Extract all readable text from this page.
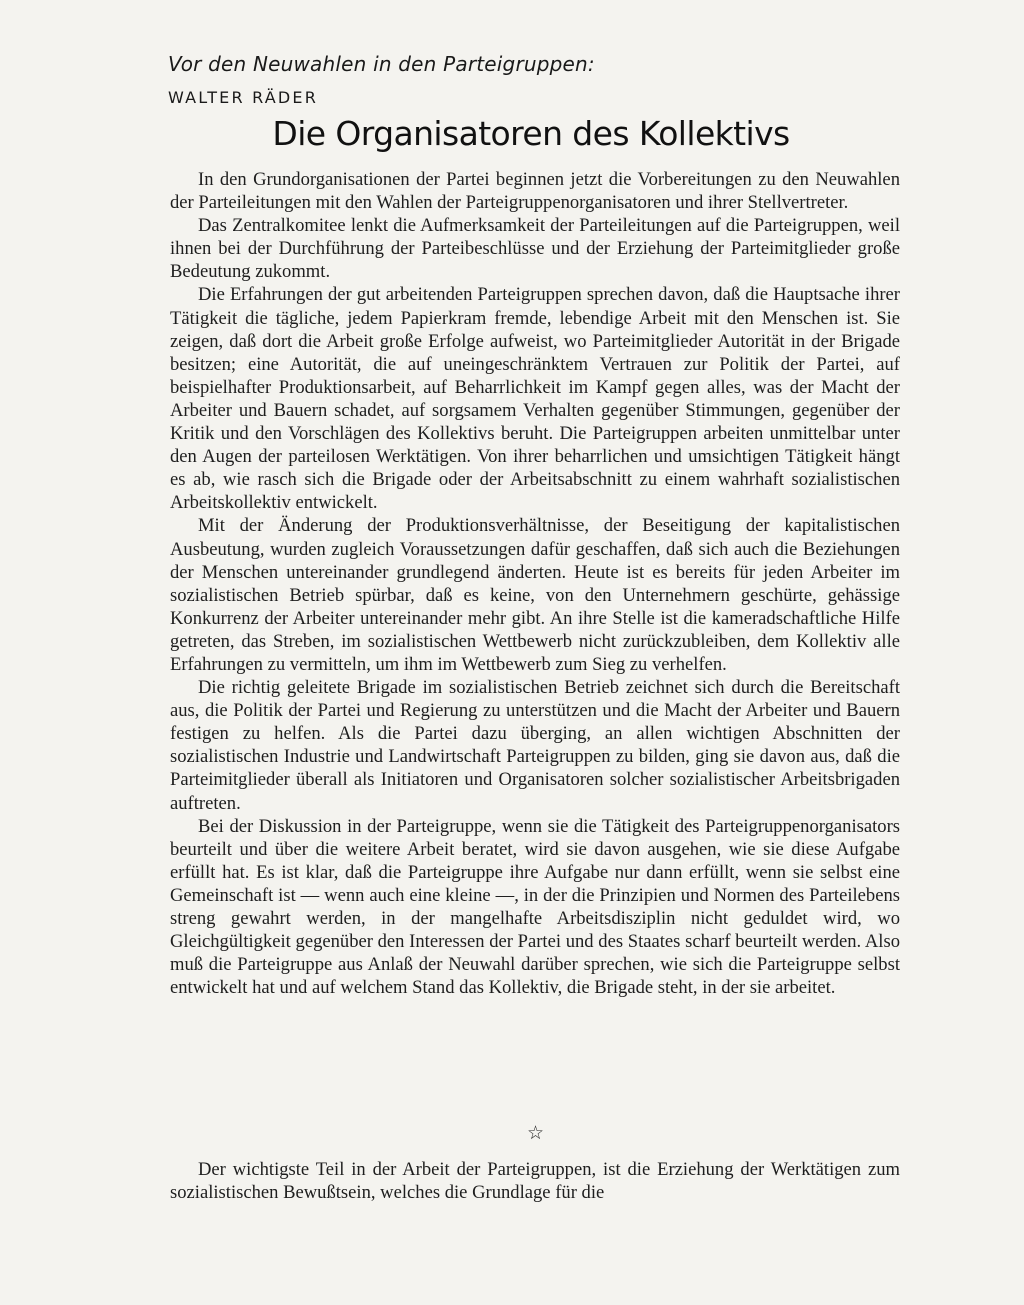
Vor den Neuwahlen in den Parteigruppen:
WALTER RÄDER
Die Organisatoren des Kollektivs

In den Grundorganisationen der Partei beginnen jetzt die Vorbereitungen zu den Neuwahlen der Parteileitungen mit den Wahlen der Parteigruppenorganisatoren und ihrer Stellvertreter.

Das Zentralkomitee lenkt die Aufmerksamkeit der Parteileitungen auf die Parteigruppen, weil ihnen bei der Durchführung der Parteibeschlüsse und der Erziehung der Parteimitglieder große Bedeutung zukommt.

Die Erfahrungen der gut arbeitenden Parteigruppen sprechen davon, daß die Hauptsache ihrer Tätigkeit die tägliche, jedem Papierkram fremde, lebendige Arbeit mit den Menschen ist. Sie zeigen, daß dort die Arbeit große Erfolge aufweist, wo Parteimitglieder Autorität in der Brigade besitzen; eine Autorität, die auf uneingeschränktem Vertrauen zur Politik der Partei, auf beispielhafter Produktionsarbeit, auf Beharrlichkeit im Kampf gegen alles, was der Macht der Arbeiter und Bauern schadet, auf sorgsamem Verhalten gegenüber Stimmungen, gegenüber der Kritik und den Vorschlägen des Kollektivs beruht. Die Parteigruppen arbeiten unmittelbar unter den Augen der parteilosen Werktätigen. Von ihrer beharrlichen und umsichtigen Tätigkeit hängt es ab, wie rasch sich die Brigade oder der Arbeitsabschnitt zu einem wahrhaft sozialistischen Arbeitskollektiv entwickelt.

Mit der Änderung der Produktionsverhältnisse, der Beseitigung der kapitalistischen Ausbeutung, wurden zugleich Voraussetzungen dafür geschaffen, daß sich auch die Beziehungen der Menschen untereinander grundlegend änderten. Heute ist es bereits für jeden Arbeiter im sozialistischen Betrieb spürbar, daß es keine, von den Unternehmern geschürte, gehässige Konkurrenz der Arbeiter untereinander mehr gibt. An ihre Stelle ist die kameradschaftliche Hilfe getreten, das Streben, im sozialistischen Wettbewerb nicht zurückzubleiben, dem Kollektiv alle Erfahrungen zu vermitteln, um ihm im Wettbewerb zum Sieg zu verhelfen.

Die richtig geleitete Brigade im sozialistischen Betrieb zeichnet sich durch die Bereitschaft aus, die Politik der Partei und Regierung zu unterstützen und die Macht der Arbeiter und Bauern festigen zu helfen. Als die Partei dazu überging, an allen wichtigen Abschnitten der sozialistischen Industrie und Landwirtschaft Parteigruppen zu bilden, ging sie davon aus, daß die Parteimitglieder überall als Initiatoren und Organisatoren solcher sozialistischer Arbeitsbrigaden auftreten.

Bei der Diskussion in der Parteigruppe, wenn sie die Tätigkeit des Parteigruppenorganisators beurteilt und über die weitere Arbeit beratet, wird sie davon ausgehen, wie sie diese Aufgabe erfüllt hat. Es ist klar, daß die Parteigruppe ihre Aufgabe nur dann erfüllt, wenn sie selbst eine Gemeinschaft ist — wenn auch eine kleine —, in der die Prinzipien und Normen des Parteilebens streng gewahrt werden, in der mangelhafte Arbeitsdisziplin nicht geduldet wird, wo Gleichgültigkeit gegenüber den Interessen der Partei und des Staates scharf beurteilt werden. Also muß die Parteigruppe aus Anlaß der Neuwahl darüber sprechen, wie sich die Parteigruppe selbst entwickelt hat und auf welchem Stand das Kollektiv, die Brigade steht, in der sie arbeitet.

☆

Der wichtigste Teil in der Arbeit der Parteigruppen, ist die Erziehung der Werktätigen zum sozialistischen Bewußtsein, welches die Grundlage für die
